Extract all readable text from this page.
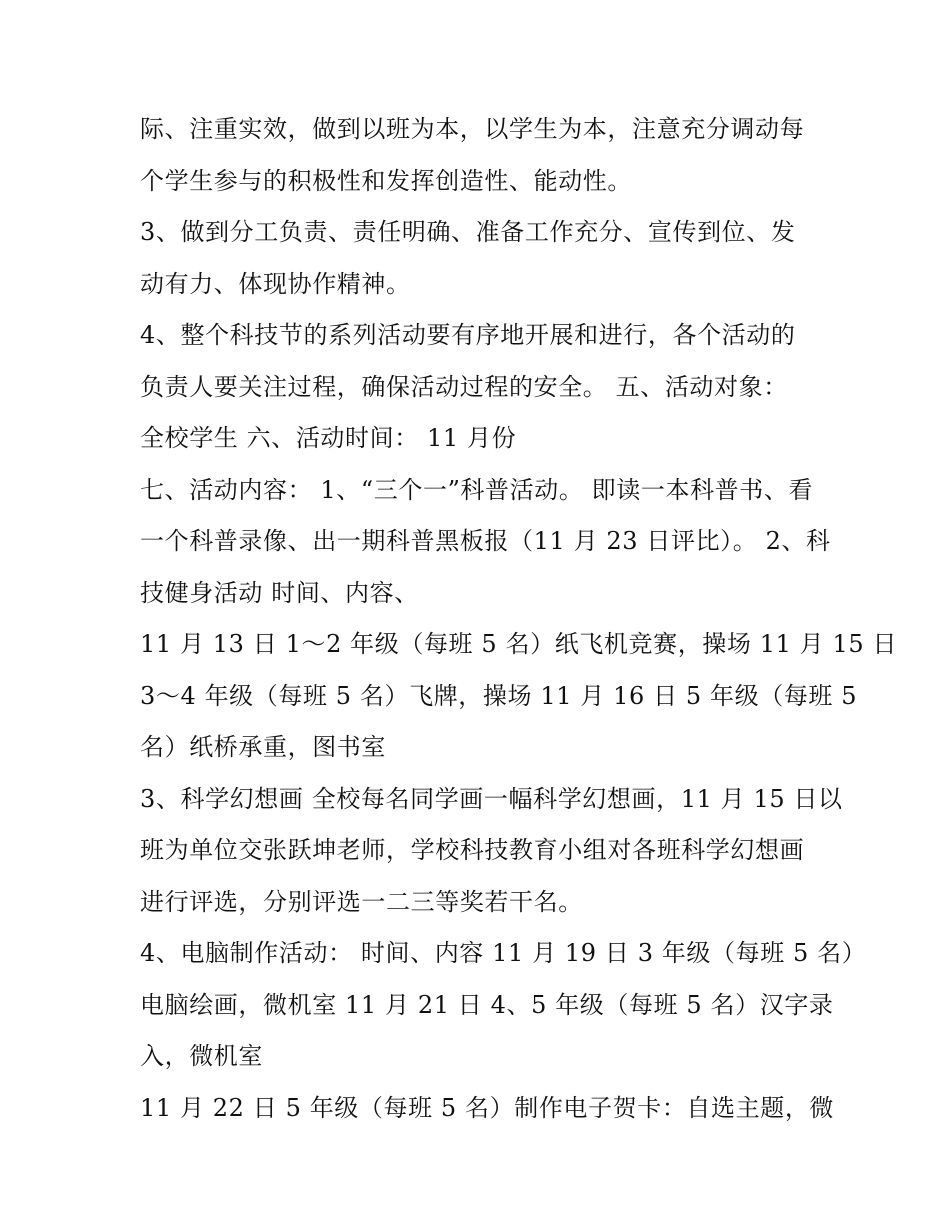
际、注重实效，做到以班为本，以学生为本，注意充分调动每
个学生参与的积极性和发挥创造性、能动性。
3、做到分工负责、责任明确、准备工作充分、宣传到位、发
动有力、体现协作精神。
4、整个科技节的系列活动要有序地开展和进行，各个活动的
负责人要关注过程，确保活动过程的安全。 五、活动对象：
全校学生 六、活动时间： 11 月份
七、活动内容： 1、“三个一”科普活动。 即读一本科普书、看
一个科普录像、出一期科普黑板报（11 月 23 日评比）。 2、科
技健身活动 时间、内容、
11 月 13 日 1～2 年级（每班 5 名）纸飞机竞赛，操场 11 月 15 日
3～4 年级（每班 5 名）飞牌，操场 11 月 16 日 5 年级（每班 5
名）纸桥承重，图书室
3、科学幻想画 全校每名同学画一幅科学幻想画，11 月 15 日以
班为单位交张跃坤老师，学校科技教育小组对各班科学幻想画
进行评选，分别评选一二三等奖若干名。
4、电脑制作活动： 时间、内容 11 月 19 日 3 年级（每班 5 名）
电脑绘画，微机室 11 月 21 日 4、5 年级（每班 5 名）汉字录
入，微机室
11 月 22 日 5 年级（每班 5 名）制作电子贺卡：自选主题，微
